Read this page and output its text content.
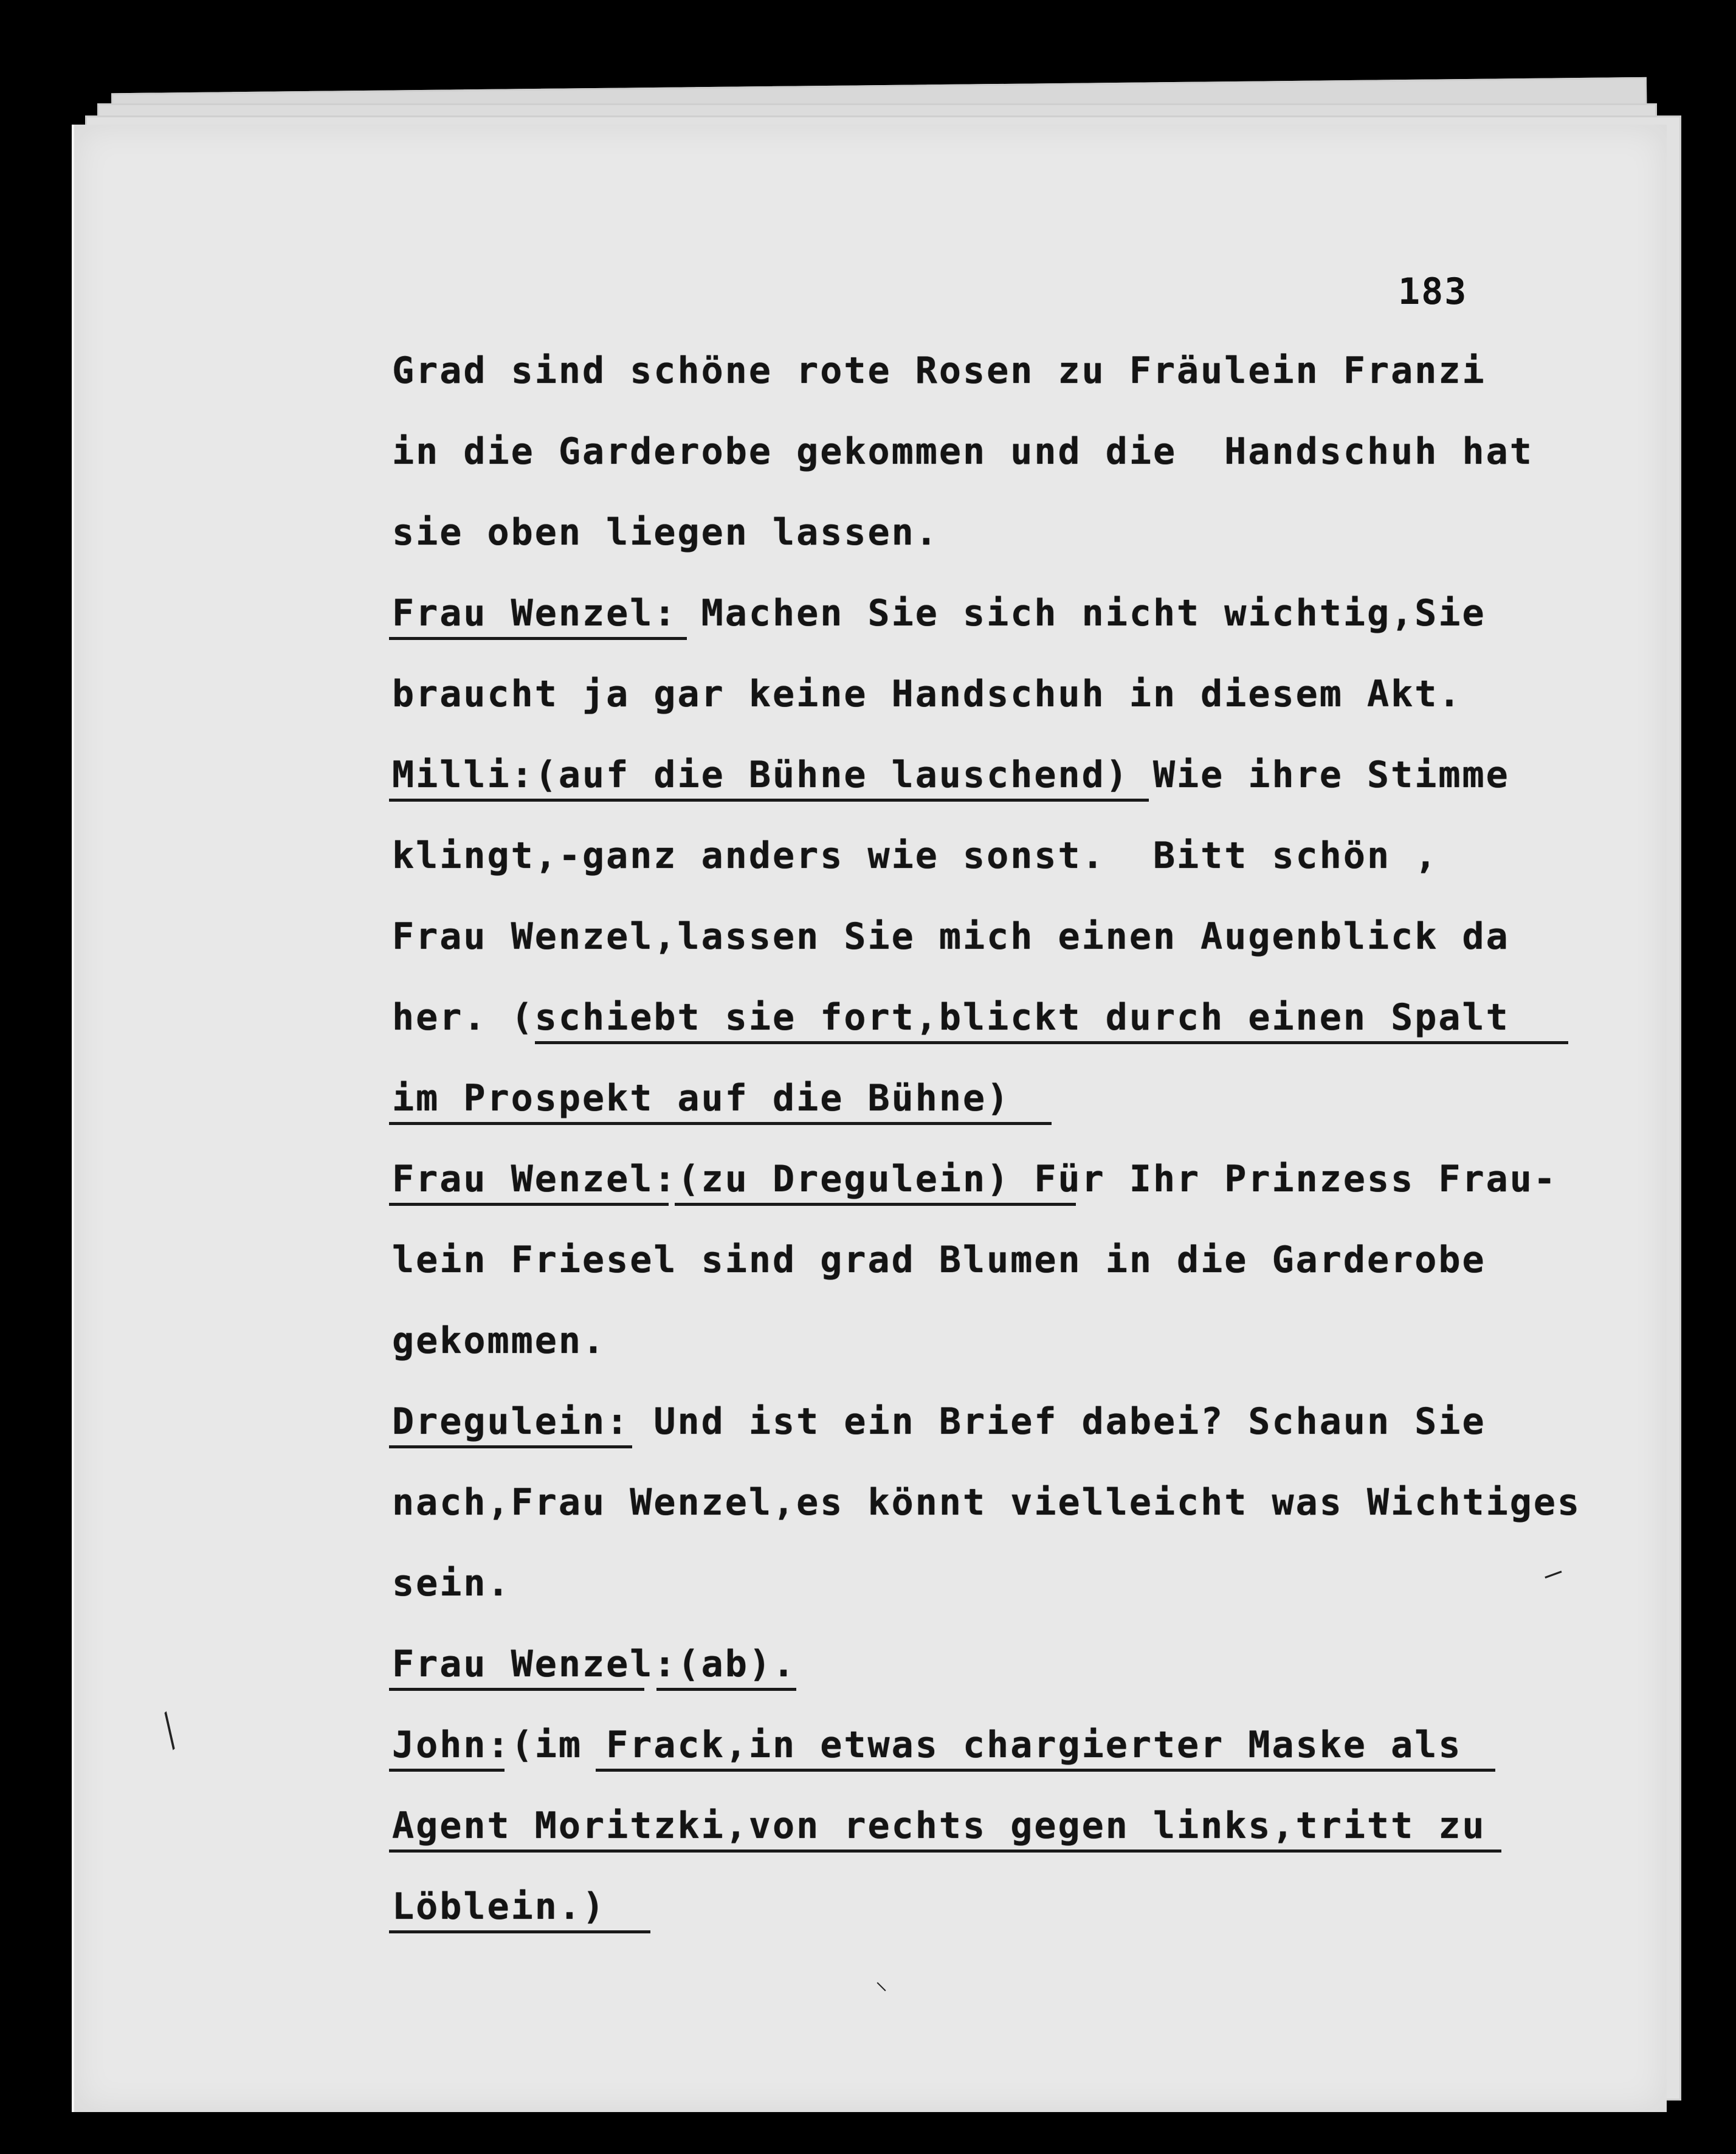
183
Grad sind schöne rote Rosen zu Fräulein Franzi
in die Garderobe gekommen und die  Handschuh hat
sie oben liegen lassen.
Frau Wenzel: Machen Sie sich nicht wichtig,Sie
braucht ja gar keine Handschuh in diesem Akt.
Milli:(auf die Bühne lauschend) Wie ihre Stimme
klingt,-ganz anders wie sonst.  Bitt schön ,
Frau Wenzel,lassen Sie mich einen Augenblick da
her. (schiebt sie fort,blickt durch einen Spalt
im Prospekt auf die Bühne)
Frau Wenzel:(zu Dregulein) Für Ihr Prinzess Frau-
lein Friesel sind grad Blumen in die Garderobe
gekommen.
Dregulein: Und ist ein Brief dabei? Schaun Sie
nach,Frau Wenzel,es könnt vielleicht was Wichtiges
sein.
Frau Wenzel:(ab).
John:(im Frack,in etwas chargierter Maske als
Agent Moritzki,von rechts gegen links,tritt zu
Löblein.)
—
╱
⸜
